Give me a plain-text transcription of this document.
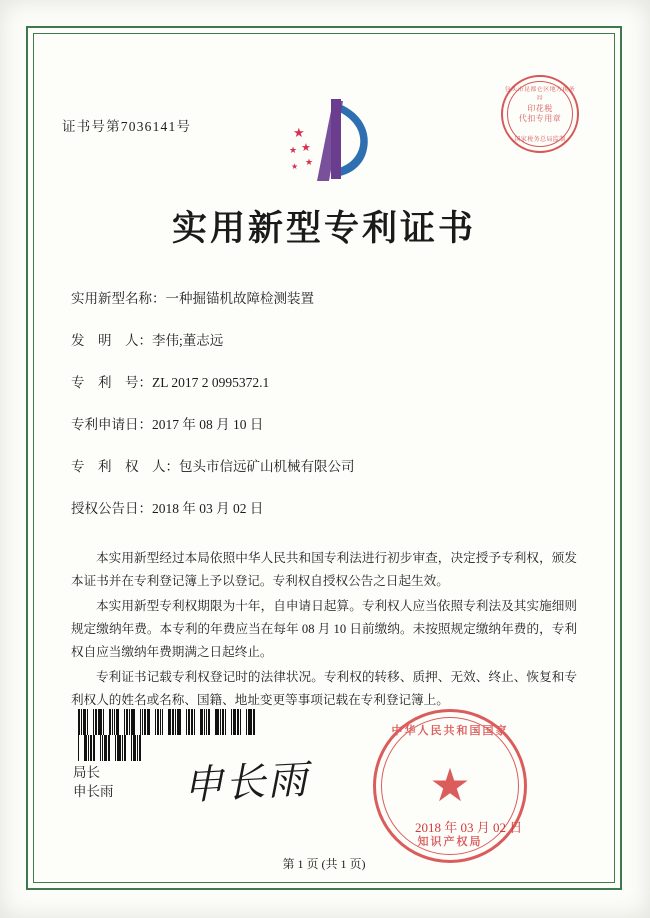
证书号第7036141号	★
★
★
★
★
包头市昆都仑区地方税务局
印花税
代扣专用章
国家税务总局监制
实用新型专利证书
实用新型名称：一种掘锚机故障检测装置
发　明　人：李伟;董志远
专　利　号：ZL 2017 2 0995372.1
专利申请日：2017 年 08 月 10 日
专　利　权　人：包头市信远矿山机械有限公司
授权公告日：2018 年 03 月 02 日

本实用新型经过本局依照中华人民共和国专利法进行初步审查，决定授予专利权，颁发本证书并在专利登记簿上予以登记。专利权自授权公告之日起生效。

本实用新型专利权期限为十年，自申请日起算。专利权人应当依照专利法及其实施细则规定缴纳年费。本专利的年费应当在每年 08 月 10 日前缴纳。未按照规定缴纳年费的，专利权自应当缴纳年费期满之日起终止。

专利证书记载专利权登记时的法律状况。专利权的转移、质押、无效、终止、恢复和专利权人的姓名或名称、国籍、地址变更等事项记载在专利登记簿上。

局长
申长雨 申长雨
中华人民共和国国家
★
知识产权局
2018 年 03 月 02 日
第 1 页 (共 1 页)
